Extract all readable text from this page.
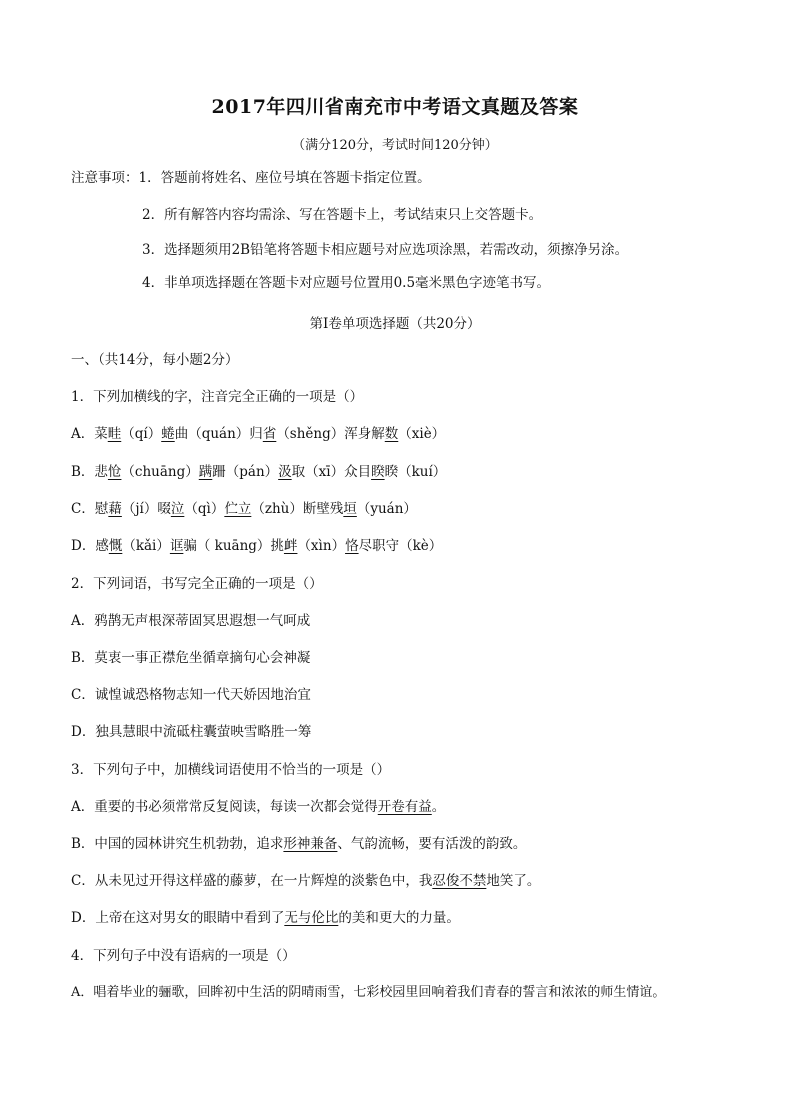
2017年四川省南充市中考语文真题及答案
（满分120分，考试时间120分钟）
注意事项：1．答题前将姓名、座位号填在答题卡指定位置。
2．所有解答内容均需涂、写在答题卡上，考试结束只上交答题卡。
3．选择题须用2B铅笔将答题卡相应题号对应选项涂黑，若需改动，须擦净另涂。
4．非单项选择题在答题卡对应题号位置用0.5毫米黑色字迹笔书写。
第Ⅰ卷单项选择题（共20分）
一、（共14分，每小题2分）
1．下列加横线的字，注音完全正确的一项是（）
A．菜畦（qí）蜷曲（quán）归省（shěng）浑身解数（xiè）
B．悲怆（chuāng）蹒跚（pán）汲取（xī）众目睽睽（kuí）
C．慰藉（jí）啜泣（qì）伫立（zhù）断壁残垣（yuán）
D．感慨（kǎi）诓骗（ kuāng）挑衅（xìn）恪尽职守（kè）
2．下列词语，书写完全正确的一项是（）
A．鸦鹊无声根深蒂固冥思遐想一气呵成
B．莫衷一事正襟危坐循章摘句心会神凝
C．诚惶诚恐格物志知一代天娇因地治宜
D．独具慧眼中流砥柱囊萤映雪略胜一筹
3．下列句子中，加横线词语使用不恰当的一项是（）
A．重要的书必须常常反复阅读，每读一次都会觉得开卷有益。
B．中国的园林讲究生机勃勃，追求形神兼备、气韵流畅，要有活泼的韵致。
C．从未见过开得这样盛的藤萝，在一片辉煌的淡紫色中，我忍俊不禁地笑了。
D．上帝在这对男女的眼睛中看到了无与伦比的美和更大的力量。
4．下列句子中没有语病的一项是（）
A．唱着毕业的骊歌，回眸初中生活的阴晴雨雪，七彩校园里回响着我们青春的誓言和浓浓的师生情谊。
